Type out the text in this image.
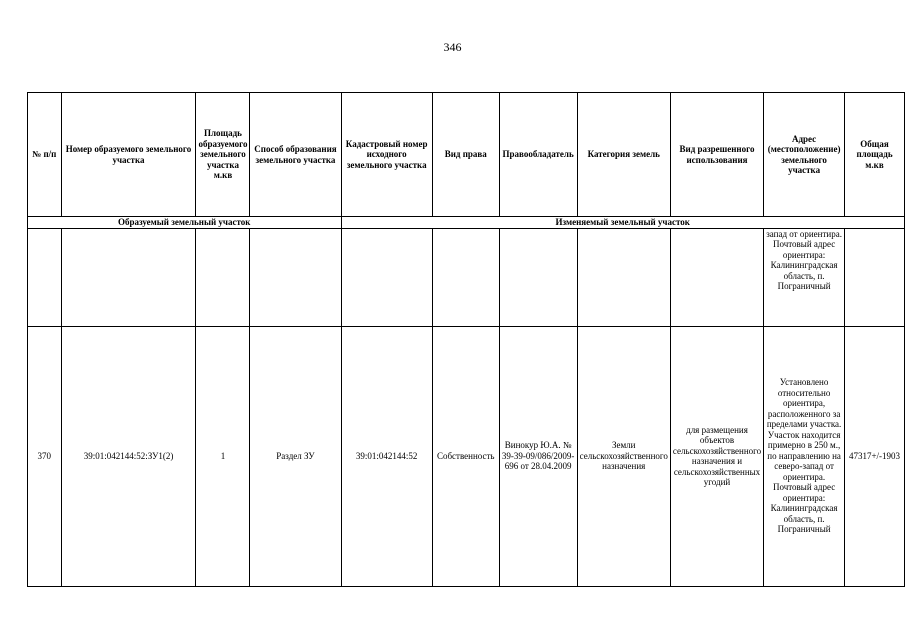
346
№ п/п	Номер образуемого земельного участка	Площадь образуемого земельного участка м.кв	Способ образования земельного участка	Кадастровый номер исходного земельного участка	Вид права	Правообладатель	Категория земель	Вид разрешенного использования	Адрес (местоположение) земельного участка	Общая площадь м.кв
Образуемый земельный участок				Изменяемый земельный участок						
									запад от ориентира. Почтовый адрес ориентира: Калининградская область, п. Пограничный	
370	39:01:042144:52:ЗУ1(2)	1	Раздел ЗУ	39:01:042144:52	Собственность	Винокур Ю.А. № 39-39-09/086/2009-696 от 28.04.2009	Земли сельскохозяйственного назначения	для размещения объектов сельскохозяйственного назначения и сельскохозяйственных угодий	Установлено относительно ориентира, расположенного за пределами участка. Участок находится примерно в 250 м., по направлению на северо-запад от ориентира. Почтовый адрес ориентира: Калининградская область, п. Пограничный	47317+/-1903
